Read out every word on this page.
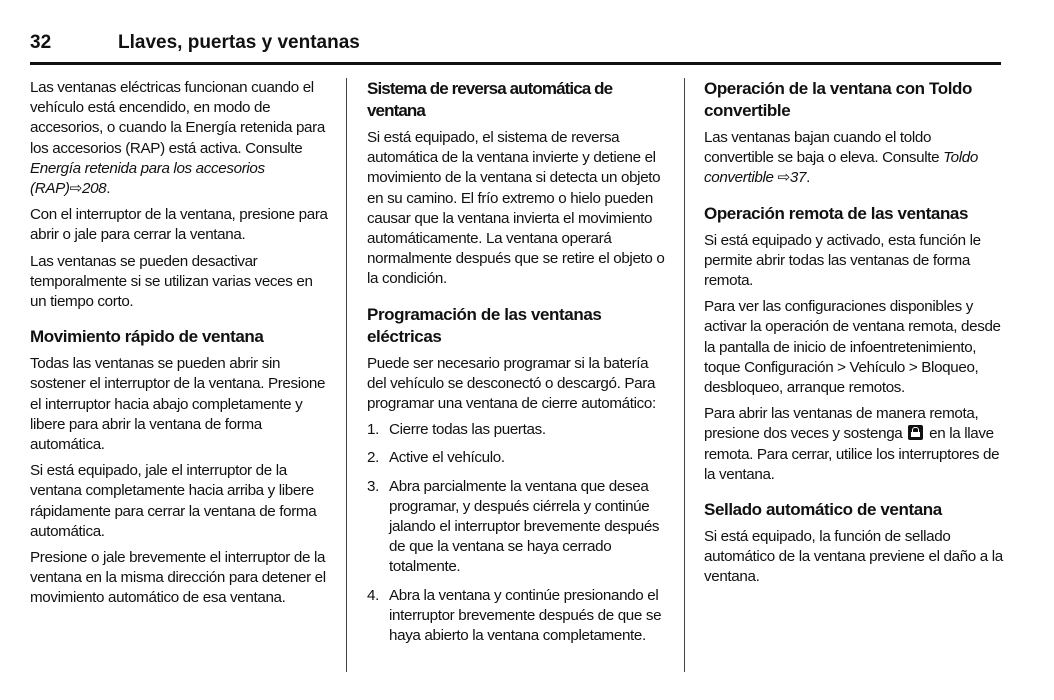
32	Llaves, puertas y ventanas

Las ventanas eléctricas funcionan cuando el vehículo está encendido, en modo de accesorios, o cuando la Energía retenida para los accesorios (RAP) está activa. Consulte Energía retenida para los accesorios (RAP)⇨208.

Con el interruptor de la ventana, presione para abrir o jale para cerrar la ventana.

Las ventanas se pueden desactivar temporalmente si se utilizan varias veces en un tiempo corto.

Movimiento rápido de ventana

Todas las ventanas se pueden abrir sin sostener el interruptor de la ventana. Presione el interruptor hacia abajo completamente y libere para abrir la ventana de forma automática.

Si está equipado, jale el interruptor de la ventana completamente hacia arriba y libere rápidamente para cerrar la ventana de forma automática.

Presione o jale brevemente el interruptor de la ventana en la misma dirección para detener el movimiento automático de esa ventana.

Sistema de reversa automática de ventana

Si está equipado, el sistema de reversa automática de la ventana invierte y detiene el movimiento de la ventana si detecta un objeto en su camino. El frío extremo o hielo pueden causar que la ventana invierta el movimiento automáticamente. La ventana operará normalmente después que se retire el objeto o la condición.

Programación de las ventanas eléctricas

Puede ser necesario programar si la batería del vehículo se desconectó o descargó. Para programar una ventana de cierre automático:

1. Cierre todas las puertas.
2. Active el vehículo.
3. Abra parcialmente la ventana que desea programar, y después ciérrela y continúe jalando el interruptor brevemente después de que la ventana se haya cerrado totalmente.
4. Abra la ventana y continúe presionando el interruptor brevemente después de que se haya abierto la ventana completamente.
Operación de la ventana con Toldo convertible

Las ventanas bajan cuando el toldo convertible se baja o eleva. Consulte Toldo convertible ⇨37.

Operación remota de las ventanas

Si está equipado y activado, esta función le permite abrir todas las ventanas de forma remota.

Para ver las configuraciones disponibles y activar la operación de ventana remota, desde la pantalla de inicio de infoentretenimiento, toque Configuración > Vehículo > Bloqueo, desbloqueo, arranque remotos.

Para abrir las ventanas de manera remota, presione dos veces y sostenga  en la llave remota. Para cerrar, utilice los interruptores de la ventana.

Sellado automático de ventana

Si está equipado, la función de sellado automático de la ventana previene el daño a la ventana.
